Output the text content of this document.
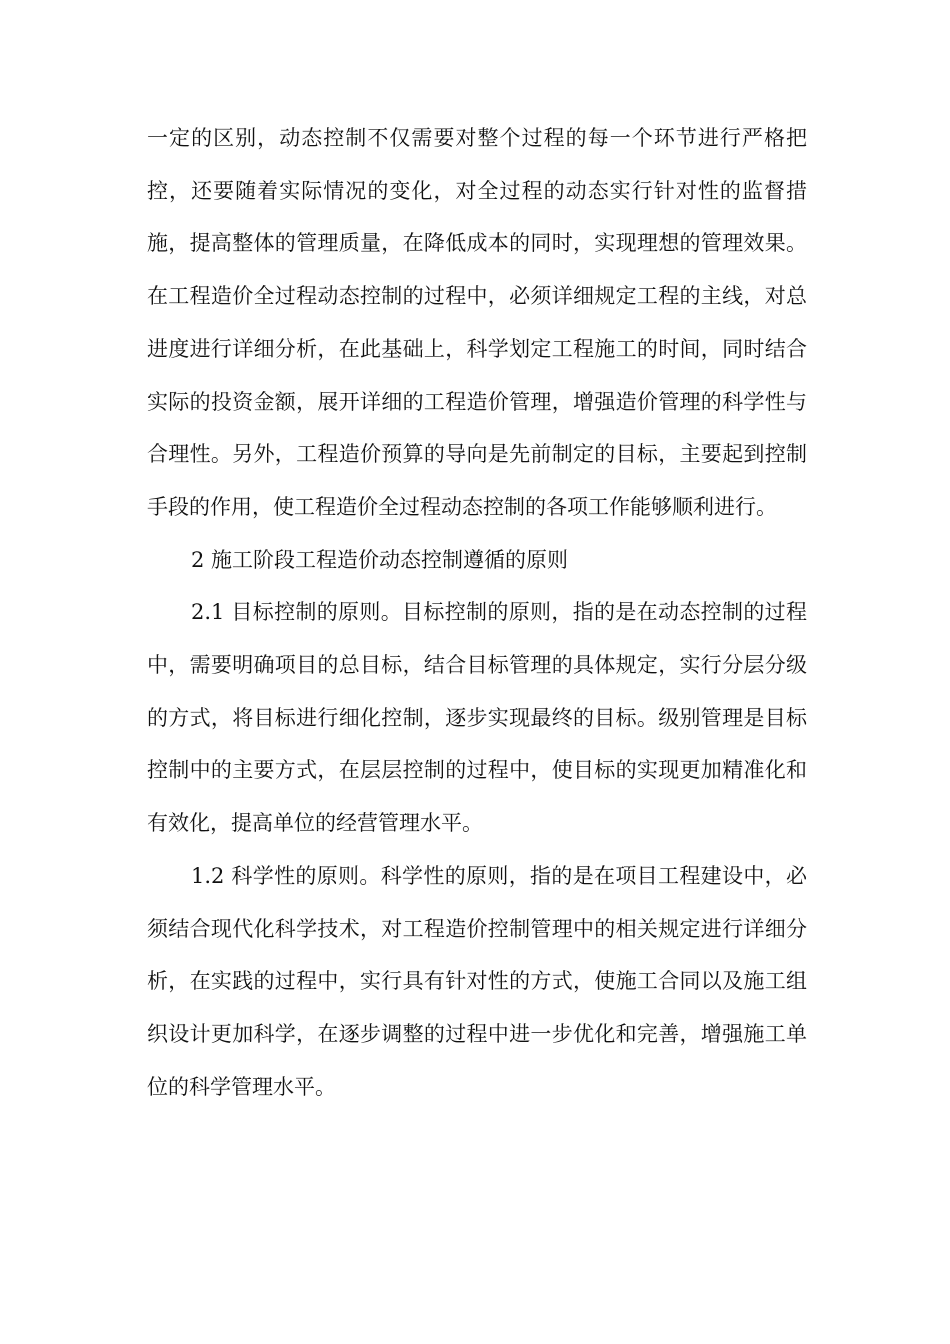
一定的区别，动态控制不仅需要对整个过程的每一个环节进行严格把控，还要随着实际情况的变化，对全过程的动态实行针对性的监督措施，提高整体的管理质量，在降低成本的同时，实现理想的管理效果。在工程造价全过程动态控制的过程中，必须详细规定工程的主线，对总进度进行详细分析，在此基础上，科学划定工程施工的时间，同时结合实际的投资金额，展开详细的工程造价管理，增强造价管理的科学性与合理性。另外，工程造价预算的导向是先前制定的目标，主要起到控制手段的作用，使工程造价全过程动态控制的各项工作能够顺利进行。

2 施工阶段工程造价动态控制遵循的原则

2.1 目标控制的原则。目标控制的原则，指的是在动态控制的过程中，需要明确项目的总目标，结合目标管理的具体规定，实行分层分级的方式，将目标进行细化控制，逐步实现最终的目标。级别管理是目标控制中的主要方式，在层层控制的过程中，使目标的实现更加精准化和有效化，提高单位的经营管理水平。

1.2 科学性的原则。科学性的原则，指的是在项目工程建设中，必须结合现代化科学技术，对工程造价控制管理中的相关规定进行详细分析，在实践的过程中，实行具有针对性的方式，使施工合同以及施工组织设计更加科学，在逐步调整的过程中进一步优化和完善，增强施工单位的科学管理水平。
